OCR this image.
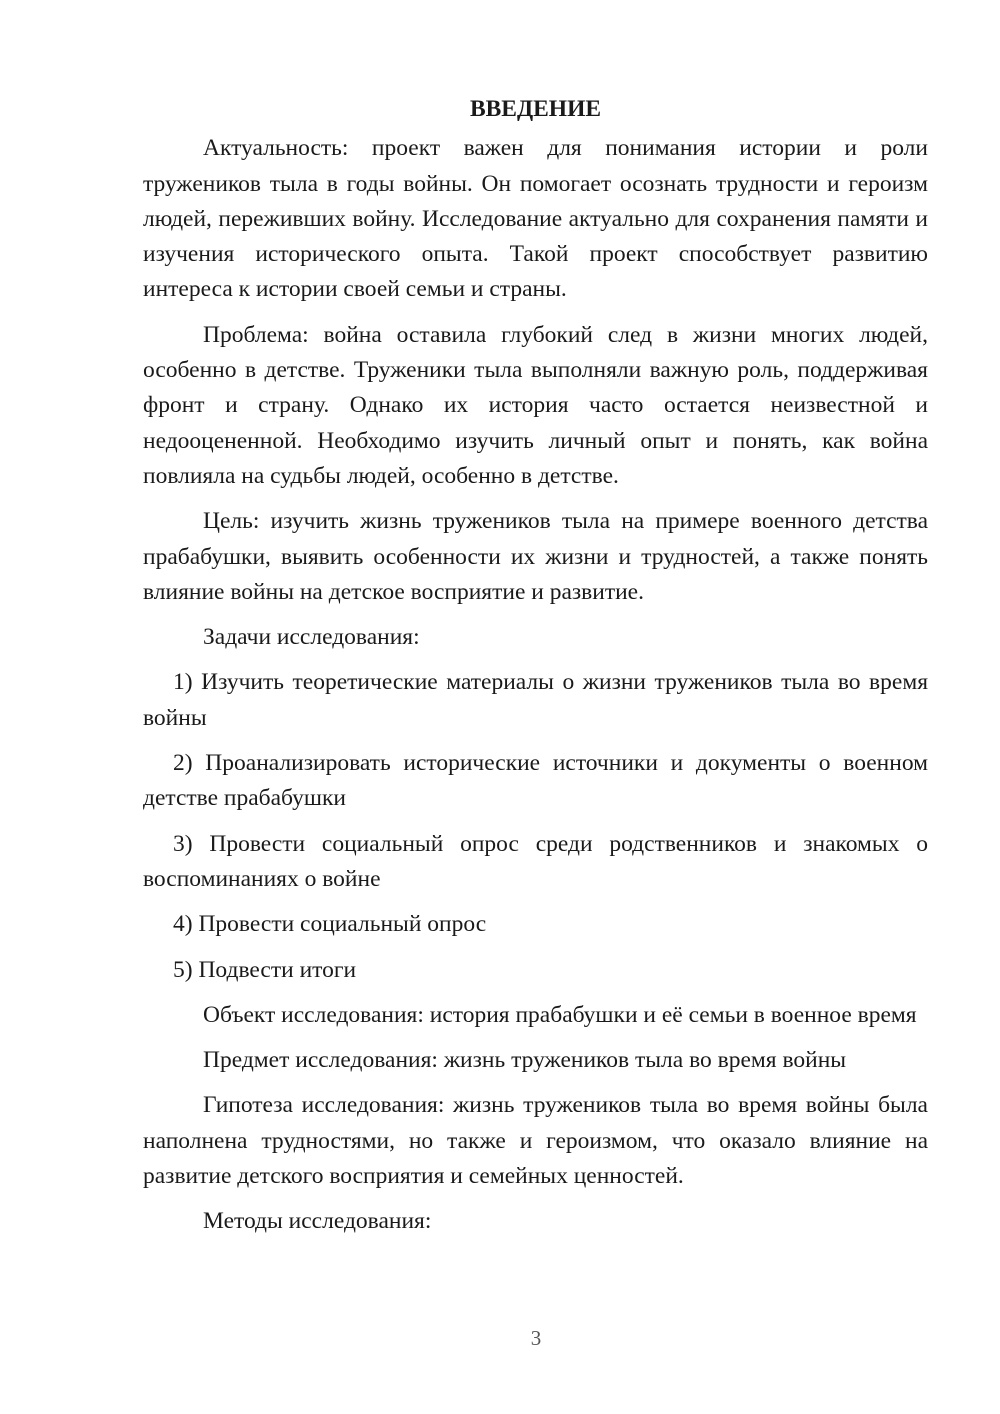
ВВЕДЕНИЕ

Актуальность: проект важен для понимания истории и роли тружеников тыла в годы войны. Он помогает осознать трудности и героизм людей, переживших войну. Исследование актуально для сохранения памяти и изучения исторического опыта. Такой проект способствует развитию интереса к истории своей семьи и страны.

Проблема: война оставила глубокий след в жизни многих людей, особенно в детстве. Труженики тыла выполняли важную роль, поддерживая фронт и страну. Однако их история часто остается неизвестной и недооцененной. Необходимо изучить личный опыт и понять, как война повлияла на судьбы людей, особенно в детстве.

Цель: изучить жизнь тружеников тыла на примере военного детства прабабушки, выявить особенности их жизни и трудностей, а также понять влияние войны на детское восприятие и развитие.

Задачи исследования:

1) Изучить теоретические материалы о жизни тружеников тыла во время войны

2) Проанализировать исторические источники и документы о военном детстве прабабушки

3) Провести социальный опрос среди родственников и знакомых о воспоминаниях о войне

4) Провести социальный опрос

5) Подвести итоги

Объект исследования: история прабабушки и её семьи в военное время

Предмет исследования: жизнь тружеников тыла во время войны

Гипотеза исследования: жизнь тружеников тыла во время войны была наполнена трудностями, но также и героизмом, что оказало влияние на развитие детского восприятия и семейных ценностей.

Методы исследования:

3
